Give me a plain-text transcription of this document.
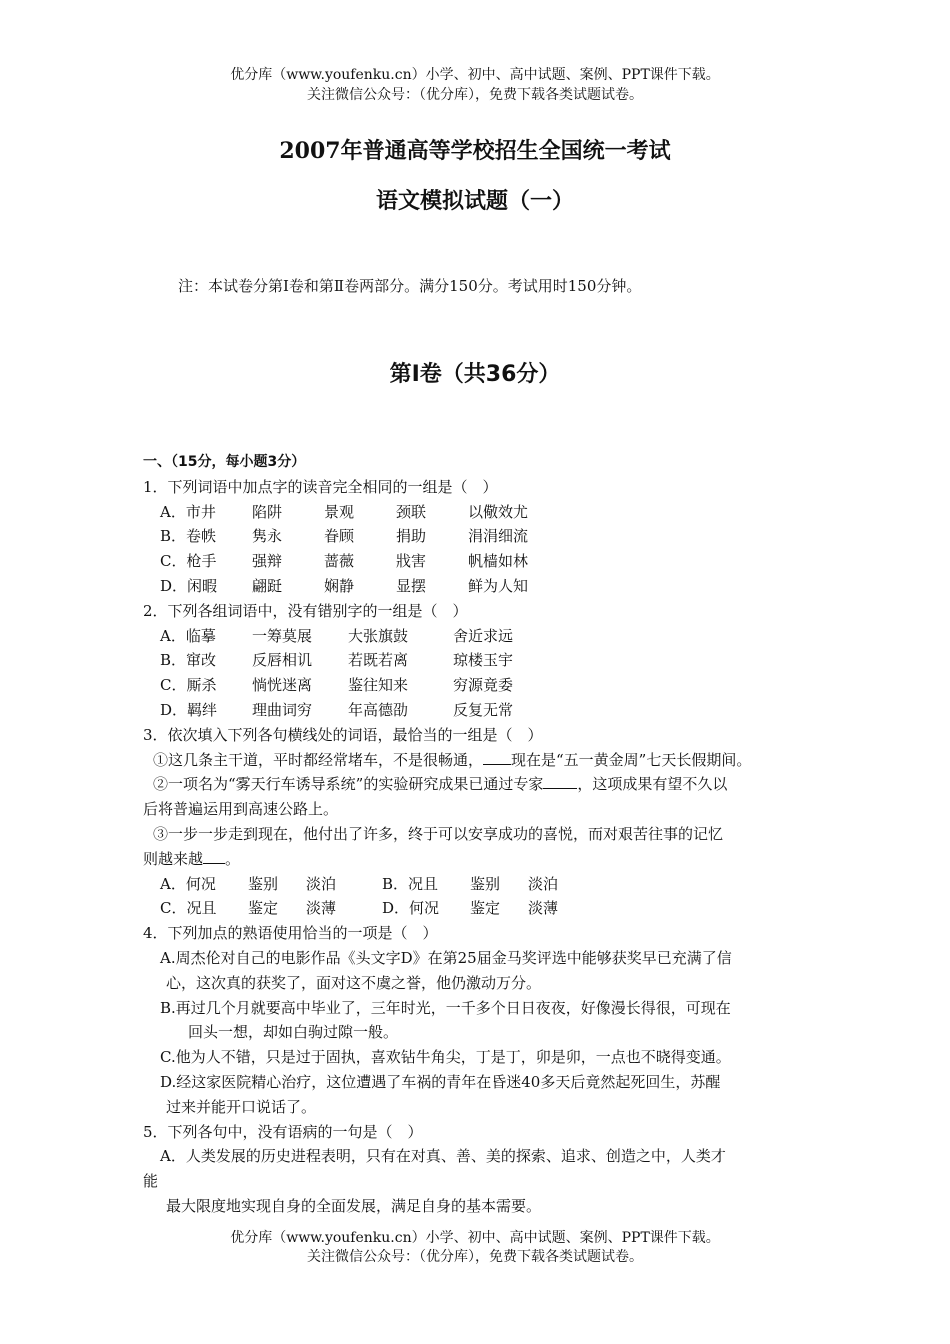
优分库（www.youfenku.cn）小学、初中、高中试题、案例、PPT课件下载。
关注微信公众号：（优分库），免费下载各类试题试卷。
2007年普通高等学校招生全国统一考试
语文模拟试题（一）
注：本试卷分第Ⅰ卷和第Ⅱ卷两部分。满分150分。考试用时150分钟。
第Ⅰ卷（共36分）
一、（15分，每小题3分）
1．下列词语中加点字的读音完全相同的一组是（　）
A．市井	陷阱	景观	颈联	以儆效尤
B．卷帙	隽永	眷顾	捐助	涓涓细流
C．枪手	强辩	蔷薇	戕害	帆樯如林
D．闲暇	翩跹	娴静	显摆	鲜为人知
2．下列各组词语中，没有错别字的一组是（　）
A．临摹	一筹莫展	大张旗鼓	舍近求远
B．窜改	反唇相讥	若既若离	琼楼玉宇
C．厮杀	惝恍迷离	鉴往知来	穷源竟委
D．羁绊	理曲词穷	年高德劭	反复无常
3．依次填入下列各句横线处的词语，最恰当的一组是（　）
①这几条主干道，平时都经常堵车，不是很畅通， 现在是“五一黄金周”七天长假期间。
②一项名为“雾天行车诱导系统”的实验研究成果已通过专家 ，这项成果有望不久以
后将普遍运用到高速公路上。
③一步一步走到现在，他付出了许多，终于可以安享成功的喜悦，而对艰苦往事的记忆
则越来越 。
A．何况	鉴别	淡泊	B．况且	鉴别	淡泊
C．况且	鉴定	淡薄	D．何况	鉴定	淡薄
4．下列加点的熟语使用恰当的一项是（　）
A.周杰伦对自己的电影作品《头文字D》在第25届金马奖评选中能够获奖早已充满了信
心，这次真的获奖了，面对这不虞之誉，他仍激动万分。
B.再过几个月就要高中毕业了，三年时光，一千多个日日夜夜，好像漫长得很，可现在
回头一想，却如白驹过隙一般。
C.他为人不错，只是过于固执，喜欢钻牛角尖，丁是丁，卯是卯，一点也不晓得变通。
D.经这家医院精心治疗，这位遭遇了车祸的青年在昏迷40多天后竟然起死回生，苏醒
过来并能开口说话了。
5．下列各句中，没有语病的一句是（　）
A．人类发展的历史进程表明，只有在对真、善、美的探索、追求、创造之中，人类才
能
最大限度地实现自身的全面发展，满足自身的基本需要。
优分库（www.youfenku.cn）小学、初中、高中试题、案例、PPT课件下载。
关注微信公众号：（优分库），免费下载各类试题试卷。
